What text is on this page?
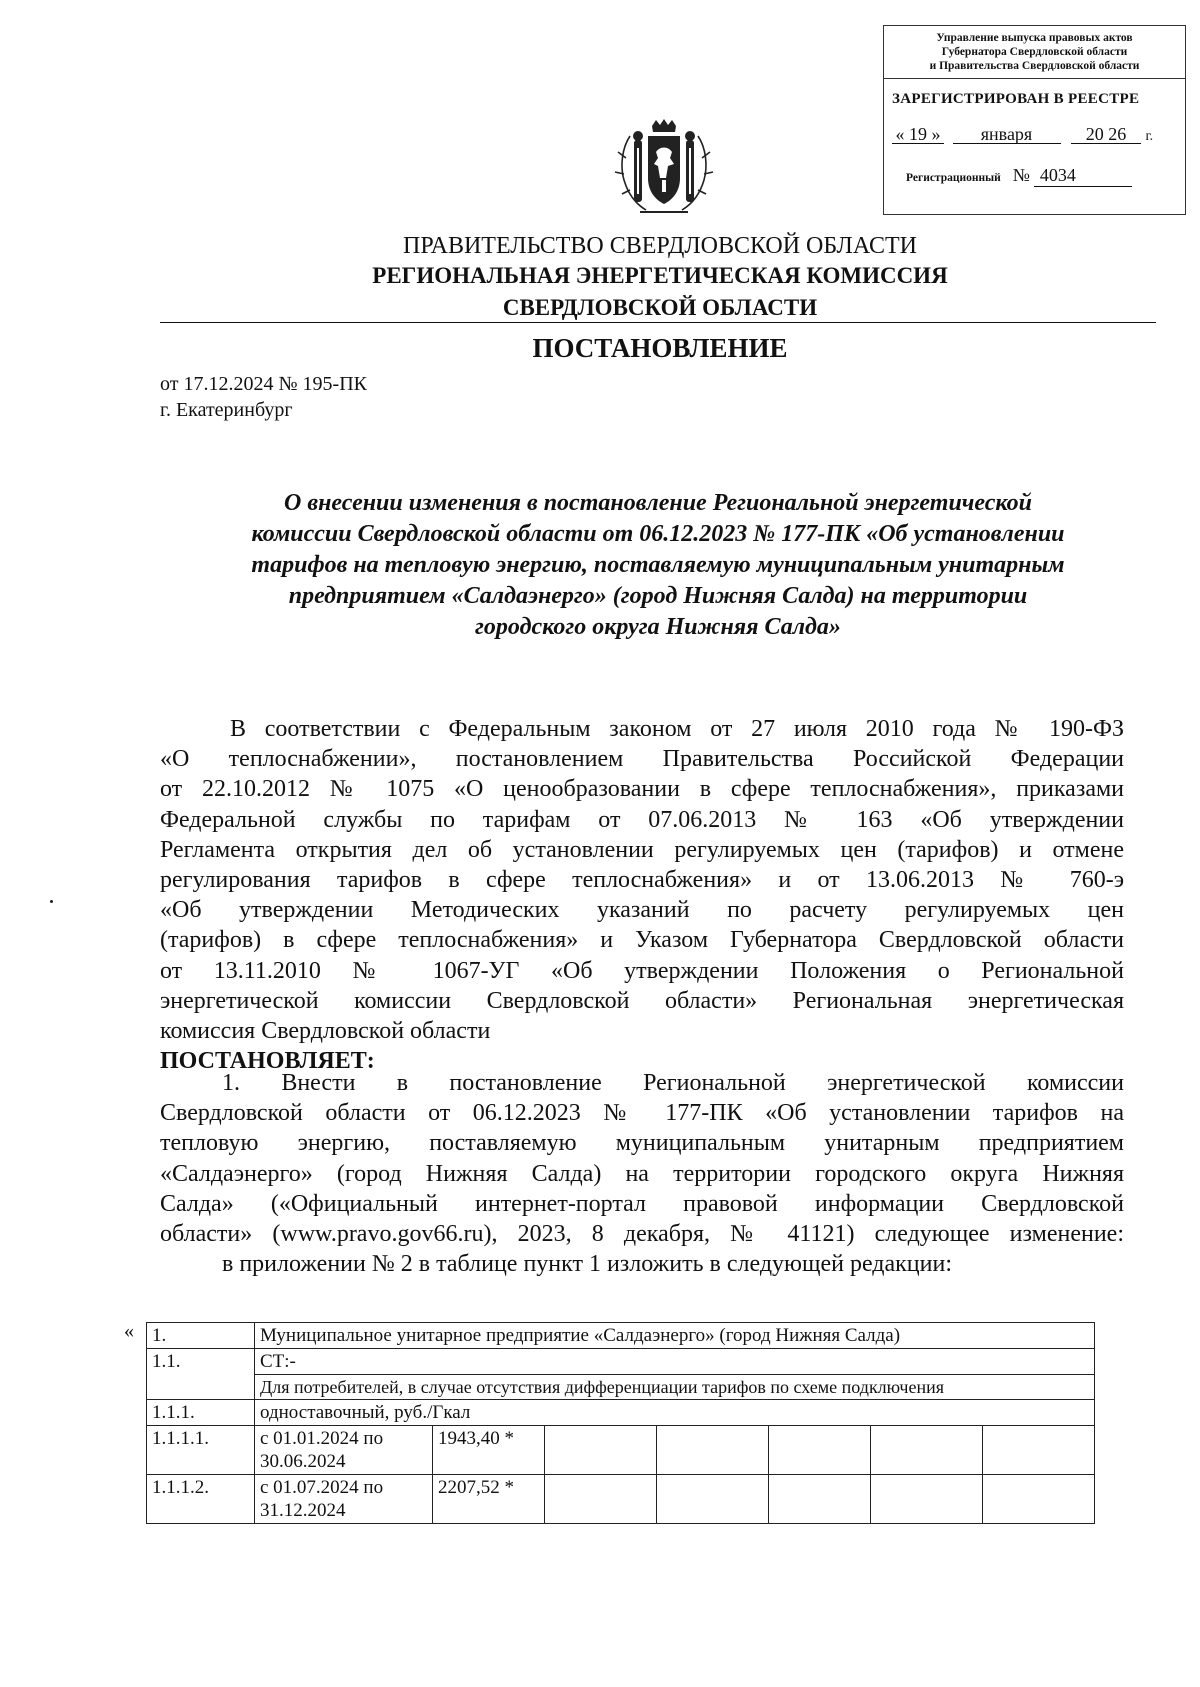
Управление выпуска правовых актов
Губернатора Свердловской области
и Правительства Свердловской области
ЗАРЕГИСТРИРОВАН В РЕЕСТРЕ
« 19 » января	20 26 г.
Регистрационный № 4034
ПРАВИТЕЛЬСТВО СВЕРДЛОВСКОЙ ОБЛАСТИ
РЕГИОНАЛЬНАЯ ЭНЕРГЕТИЧЕСКАЯ КОМИССИЯ
СВЕРДЛОВСКОЙ ОБЛАСТИ
ПОСТАНОВЛЕНИЕ
от 17.12.2024 № 195-ПК
г. Екатеринбург
О внесении изменения в постановление Региональной энергетической
комиссии Свердловской области от 06.12.2023 № 177-ПК «Об установлении
тарифов на тепловую энергию, поставляемую муниципальным унитарным
предприятием «Салдаэнерго» (город Нижняя Салда) на территории
городского округа Нижняя Салда»
В соответствии с Федеральным законом от 27 июля 2010 года № 190-ФЗ
«О теплоснабжении», постановлением Правительства Российской Федерации
от 22.10.2012 № 1075 «О ценообразовании в сфере теплоснабжения», приказами
Федеральной службы по тарифам от 07.06.2013 № 163 «Об утверждении
Регламента открытия дел об установлении регулируемых цен (тарифов) и отмене
регулирования тарифов в сфере теплоснабжения» и от 13.06.2013 № 760-э
«Об утверждении Методических указаний по расчету регулируемых цен
(тарифов) в сфере теплоснабжения» и Указом Губернатора Свердловской области
от 13.11.2010 № 1067-УГ «Об утверждении Положения о Региональной
энергетической комиссии Свердловской области» Региональная энергетическая
комиссия Свердловской области
ПОСТАНОВЛЯЕТ:
1. Внести в постановление Региональной энергетической комиссии
Свердловской области от 06.12.2023 № 177-ПК «Об установлении тарифов на
тепловую энергию, поставляемую муниципальным унитарным предприятием
«Салдаэнерго» (город Нижняя Салда) на территории городского округа Нижняя
Салда» («Официальный интернет-портал правовой информации Свердловской
области» (www.pravo.gov66.ru), 2023, 8 декабря, № 41121) следующее изменение:
в приложении № 2 в таблице пункт 1 изложить в следующей редакции:
« 1.	Муниципальное унитарное предприятие «Салдаэнерго» (город Нижняя Салда)						
1.1.	СТ:-						
	Для потребителей, в случае отсутствия дифференциации тарифов по схеме подключения						
1.1.1.	одноставочный, руб./Гкал						
1.1.1.1.	с 01.01.2024 по 30.06.2024	1943,40 *					
1.1.1.2.	с 01.07.2024 по 31.12.2024	2207,52 *					
